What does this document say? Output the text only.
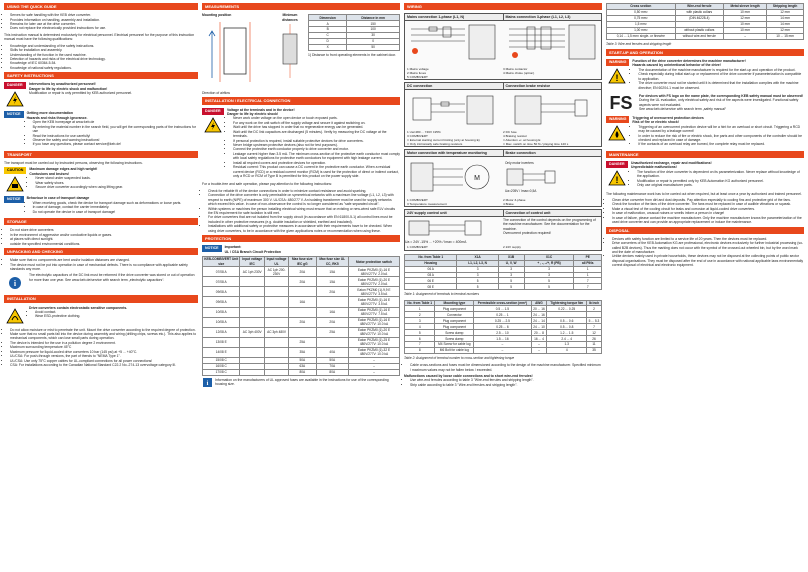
USING THE QUICK GUIDE
• Serves for safe handling with the KEB drive converter.
• Provides information on handling, assembly and installation.
• Remains for later use at the drive converter.
• Does not replace the electronically provided instructions for use.

This instruction manual is determined exclusively for electrical personnel. Electrical personnel for the purpose of this instruction manual must have the following qualifications:

• Knowledge and understanding of the safety instructions.
• Skills for installation and assembly.
• Understanding of the function in the used machine.
• Detection of hazards and risks of the electrical drive technology.
• Knowledge of IEC 60364-5-54.
• Knowledge of national safety regulations.
SAFETY INSTRUCTIONS
DANGER	Interventions by unauthorized personnel!
Danger to life by electric shock and malfunction!
Modification or repair is only permitted by KEB authorized personnel.
NOTICE	Getting more documentation
Hazards and risks through ignorance.
• Open the KEB homepage at www.keb.de
• By entering the material number in the search field, you will get the corresponding parts of the instructions for use
• Read the instructions for use carefully!
• Observe the safety and warning instructions!
• If you have any questions, please contact service@keb.de!
TRANSPORT

The transport must be carried out by instructed persons, observing the following instructions.

CAUTION	Maximum damage edges and high weight!
Contusions and bruises!
• Never stand under suspended loads.
• Wear safety shoes.
• Secure drive converter accordingly when using lifting gear.
NOTICE	Behaviour in case of transport damage
• When receiving goods, check the device for transport damage such as deformations or loose parts.
• In case of damage, contact the carrier immediately.
• Do not operate the device in case of transport damage!
STORAGE
• Do not store drive converters
• in the environment of aggressive and/or conductive liquids or gases.
• at places with direct sunlight.
• outside the specified environmental conditions.
UNPACKING AND CHECKING
• Make sure that no components are bent and/or isolation distances are changed.
• The device must not be put into operation in case of mechanical defects. There is no compliance with applicable safety standards any more.
i
The electrolytic capacitors of the DC link must be reformed if the drive converter was stored or out of operation for more than one year. See www.keb.de/service with search term „electrolytic capacitors“.
INSTALLATION
Drive converters contain electrostatic sensitive components.
• Avoid contact.
• Wear ESD-protective clothing.
• Do not allow moisture or mist to penetrate the unit. Mount the drive converter according to the required degree of protection.
• Make sure that no small parts fall into the device during assembly and wiring (drilling chips, screws etc.). This also applies to mechanical components, which can lose small parts during operation.
• The device is intended for the use in a pollution degree 2 environment.
• Maximum surrounding temperature 45°C
• Maximum pressure for liquid-cooled drive converters 10 bar (145 psi) at +5 ... +40°C.
• UL/CSA: For push-through versions, the part of thends to "NEMA Type 1".
• UL/CSA: Use only 75°C copper cables for UL-compliant connections for all power connections!
• CSA: For installations according to the Canadian National Standard C22.2 No.-274-13 overvoltage category III.
MEASUREMENTS
Mounting position
Direction of airflow
Minimum distances
Dimension	Distance in mm
A	150
B	100
C	30
D	0
X	50
1) Distance to front operating elements in the cabinet door.
INSTALLATION / ELECTRICAL CONNECTION
DANGER	Voltage at the terminals and in the device!
Danger to life by electric shock!
• Never work under voltage on the open device or touch exposed parts.
• For any work on the unit switch off the supply voltage and secure it against switching on.
• Wait until the drive has stopped in order that no regenerative energy can be generated.
• Wait until the DC link capacitors are discharged (5 minutes). Verify by measuring the DC voltage at the terminals.
• If personal protection is required, install suitable protective devices for drive converters.
• Never bridge upstream protective devices (also not for test purposes).
• Connect the protective earth conductor properly to drive converter and motor.
• Leakage current higher than 3.5 mA. The minimum cross-section of the protective earth conductor must comply with local safety regulations for protective earth conductors for equipment with high leakage current.
• Install all required covers and protective devices for operation.
• Residual current: This product can cause a DC current in the protective earth conductor. When a residual current device (RCD) or a residual current monitor (RCM) is used for the protection of direct or indirect contact, only a RCD or RCM of Type B is permitted for this product on the power supply side.

For a trouble-free and safe operation, please pay attention to the following instructions:

• Check for reliable fit of the device connections in order to minimize contact resistance and avoid sparking.
• Connection of the drive converter is only permissible on symmetrical networks with a maximum line voltage (L1, L2, L3) with respect to earth (N/PE) of maximum 300 V. UL/CSA: 480/277 V. An isolating transformer must be used for supply networks which exceed this value. In case of non-observance the control is no longer considered as "safe separated circuit".
• Within systems or machines the person installing electrical wiring must ensure that on existing or new-wired safe ELV circuits the EN requirement for safe isolation is still met.
• For drive converters that are not isolated from the supply circuit (in accordance with EN 61800-5-1) all control lines must be included in other protective measures (e.g. double insulation or shielded, earthed and insulated).
• Installations with additional safety or protective measures in accordance with their requirements have to be checked. When using drive converters, to be in accordance with the given applications notes or recommendation when using these.
PROTECTION
NOTICE	Important:
UL / CSA Branch Circuit Protection
KEB-COMBIVERT Unit size	Input voltage IEC	Input voltage UL	Max fuse size IEC gG	Max fuse size UL CC, RK5	Motor protection switch
07/08 A	AC 1ph 230V	AC 1ph 200-230V	20A	15A	Eaton PKZM0 (1)-16 E 480V/277V: 2.0 kA
07/08 A			20A	15A	Eaton PKZM0 (1)-20 E 480V/277V: 2.0 kA
09/08 A				20A	Eaton PKZM0 (1)-9,9 E 480V/277V: 3.5 kA
09/08 A			16A		Eaton PKZM0 (1)-16 E 480V/277V: 3.5 kA
10/08 A				16A	Eaton PKZM0 (1)-16 E 480V/277V: 7.5 kA
10/08 A			20A	20A	Eaton PKZM0 (1)-16 E 480V/277V: 10.0 kA
12/08 A	AC 3ph 400V	AC 3ph 480V		25A	Eaton PKZM0 (1)-20 E 480V/277V: 10.0 kA
13/08 E			25A		Eaton PKZM0 (1)-25 E 480V/277V: 10.0 kA
14/08 E			35A	40A	Eaton PKZM0 (1)-32 E 480V/277V: 10.0 kA
15/08 C			50A	50A	–
16/08 C			63A	70A	–
17/08 C			80A	80A	–
i
Information on the manufacturers of UL approved fuses are available in the instructions for use of the corresponding housing size.
WIRING
Mains connection 1-phase (L1, N)	Mains connection 3-phase (L1, L2, L3)
1 Mains voltage	3 Mains contactor
2 Mains fuses	4 Mains choke (option)
5 COMBIVERT
DC connection	Connection brake resistor
1 Ua=480 ... 746V ±25%	2 DC fuse
3 COMBIVERT	4 Braking resistor
□ External starting current limiting (only at housing E)	□ Attention +/- at housing E
□ Only intrinsically safe braking resistors	□ Max. switch on time 50 % / playing time 120 s
Motor connection with temperature monitoring	Brake connection
M
Only motor inverters
Ua=205V / Imax=0,5A
1 COMBIVERT	2 Motor 3-phase
3 Temperature measurement	4 Brake
24V supply control unit	Connection of control unit
Ua = 24V -15% ... +20% / Imax = 400mA
The connection of the control depends on the programming of the machine manufacturer. See the documentation for the machine.
Overcurrent protection required!
1 COMBIVERT	2 24V supply
No. from Table 1	X1A	X1B	X1C	PE
Housing	L1, L2, L3, N	U, V, W	+ , -, –/+, R (PB)	all PINs
06 A	3	3	3	1
08 A	3	3	3	1
06 E	5	5	5	7
08 E	5	5	5	7
Table 1: Assignment of terminals to terminal numbers
No. from Table 1	Mounting type	Permissible cross-section (mm²)	AWG	Tightening torque Nm	lb inch
1	Plug component	0.5 ... 1.5	20 ... 16	0.22 ... 0.25	2
2	Connector	0.25 ... 1	24 ... 16		
3	Plug component	0.25 ... 2.5	24 ... 14	0.5 ... 0.6	5 ... 5.3
4	Plug component	0.25 ... 6	24 ... 10	0.5 ... 0.8	7
5	Screw clamp	2.5 ... 10	20 ... 8	1.2 ... 1.5	12
6	Screw clamp	1.5 ... 16	16 ... 4	2.4 ... 4	26
7	M4 Screw for cable lug	–	–	1.3	11
8	M6 Bolt for cable lug	–	–	4	35
Table 2: Assignment of terminal number to cross-section and tightening torque
• Cable cross-sections and fuses must be dimensioned according to the design of the machine manufacturer. Specified minimum / maximum values may not be fallen below / exceeded.
Malfunctions caused by loose cable connections and to short wire-end ferrules!
• Use wire-end ferrules according to table 3 "Wire-end ferrules and stripping length".
• Strip cable according to table 3 "Wire-end ferrules and stripping length".
Cross section	Wire-end ferrule	Metal sleeve length	Stripping length
0,50 mm²	with plastic collars	10 mm	12 mm
0,75 mm²	(DIN 46228-4)	12 mm	14 mm
1,5 mm²		10 mm	14 mm
1,00 mm²	without plastic collars	10 mm	12 mm
0,14 ... 1,5 mm² single- or finewire	without wire-end ferrule	–	10 ... 15 mm
Table 3: Wire-end ferrules and stripping length
START-UP AND OPERATION
WARNING
!
Function of the drive converter determines the machine manufacturer!
Hazards caused by unintentional behavior of the drive!
• The documentation of the machine manufacturer is required for the start-up and operation of the product.
• Check especially during initial start-up or replacement of the drive converter if parameterization is compatible to application.
• The drive converter must not be started until it is determined that the installation complies with the machine directive; EN 60204-1 must be observed.
FS For devices with FS logo on the name plate, the corresponding KEB safety manual must be observed!
During the UL evaluation, only electrical safety and risk of fire aspects were investigated. Functional safety aspects were not evaluated.
See www.keb.de/service with search term „safety manual“
WARNING	Triggering of overcurrent protection devices
Risk of fire or electric shock!
• Triggering of an overcurrent protection device will be a hint for an overload or short circuit. Triggering a RCD may be caused by a leakage current!
• In order to reduce the risk of fire or electric shock, live parts and other components of the controller should be checked and replaced in case of damage.
• If the contacts of an overload relay are burned, the complete relay must be replaced.
MAINTENANCE
DANGER
!
Unauthorized exchange, repair and modifications!
Unpredictable malfunctions!
• The function of the drive converter is dependent on its parameterization. Never replace without knowledge of the application.
• Modification or repair is permitted only by KEB Automation KG authorized personnel.
• Only use original manufacturer parts.

The following maintenance work has to be carried out when required, but at least once a year by authorized and trained personnel.

• Clean drive converter from dirt and dust deposits. Pay attention especially to cooling fins and protective grid of the fans.
• Check the function of the fans of the drive converter. The fans must be replaced in case of audible vibrations or squeak.
• Make a visual test of the cooling circuit for leaks and corrosion at liquid-cooled drive converters.
• In case of malfunction, unusual noises or smells inform a person in charge!
• In case of failure, please contact the machine manufacturer. Only the machine manufacturer knows the parameterization of the used drive converter and can provide an appropriate replacement or induce the maintenance.
DISPOSAL
• Devices with safety function are limited to a service life of 20 years. Then the devices must be replaced.
• Drive converters of the KEB Automation KG are professional, electronic devices exclusively for further industrial processing (so-called B2B devices). Thus the marking does not occur with the symbol of the crossed-out wheeled bin, but by the word mark and the date of manufacture.
• Unlike devices mainly used in private households, these devices may not be disposed at the collecting points of public sector disposal organisations. They must be disposed after the end of use in accordance with national applicable laws environmentally correct disposal of electrical and electronic equipment.
